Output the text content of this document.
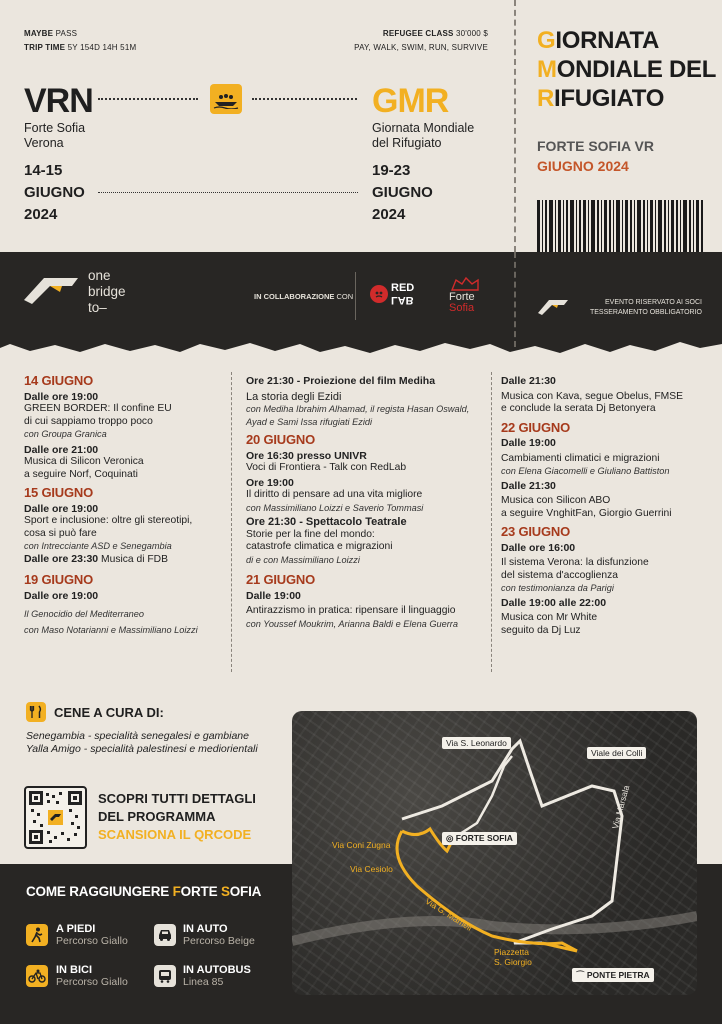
MAYBE PASS
TRIP TIME 5Y 154D 14H 51M
REFUGEE CLASS 30'000 $
PAY, WALK, SWIM, RUN, SURVIVE
VRN
Forte Sofia
Verona
14-15
GIUGNO
2024
GMR
Giornata Mondiale
del Rifugiato
19-23
GIUGNO
2024
GIORNATA
MONDIALE DEL
RIFUGIATO
FORTE SOFIA VR
GIUGNO 2024
one
bridge
to–
IN COLLABORAZIONE CON
RED
LAB	Forte
Sofia	EVENTO RISERVATO AI SOCI
TESSERAMENTO OBBLIGATORIO
14 GIUGNO
Dalle ore 19:00
GREEN BORDER: Il confine EU
di cui sappiamo troppo poco
con Groupa Granica
Dalle ore 21:00
Musica di Silicon Veronica
a seguire Norf, Coquinati
15 GIUGNO
Dalle ore 19:00
Sport e inclusione: oltre gli stereotipi,
cosa si può fare
con Intrecciante ASD e Senegambia
Dalle ore 23:30 Musica di FDB
19 GIUGNO
Dalle ore 19:00
Il Genocidio del Mediterraneo
con Maso Notarianni e Massimiliano Loizzi
Ore 21:30 - Proiezione del film Mediha
La storia degli Ezidi
con Mediha Ibrahim Alhamad, il regista Hasan Oswald,
Ayad e Sami Issa rifugiati Ezidi
20 GIUGNO
Ore 16:30 presso UNIVR
Voci di Frontiera - Talk con RedLab
Ore 19:00
Il diritto di pensare ad una vita migliore
con Massimiliano Loizzi e Saverio Tommasi
Ore 21:30 - Spettacolo Teatrale
Storie per la fine del mondo:
catastrofe climatica e migrazioni
di e con Massimiliano Loizzi
21 GIUGNO
Dalle 19:00
Antirazzismo in pratica: ripensare il linguaggio
con Youssef Moukrim, Arianna Baldi e Elena Guerra
Dalle 21:30
Musica con Kava, segue Obelus, FMSE
e conclude la serata Dj Betonyera
22 GIUGNO
Dalle 19:00
Cambiamenti climatici e migrazioni
con Elena Giacomelli e Giuliano Battiston
Dalle 21:30
Musica con Silicon ABO
a seguire VnghitFan, Giorgio Guerrini
23 GIUGNO
Dalle ore 16:00
Il sistema Verona: la disfunzione
del sistema d'accoglienza
con testimonianza da Parigi
Dalle 19:00 alle 22:00
Musica con Mr White
seguito da Dj Luz
CENE A CURA DI:
Senegambia - specialità senegalesi e gambiane
Yalla Amigo - specialità palestinesi e mediorientali
SCOPRI TUTTI DETTAGLI
DEL PROGRAMMA
SCANSIONA IL QRCODE
COME RAGGIUNGERE FORTE SOFIA
A PIEDI
Percorso Giallo
IN AUTO
Percorso Beige
IN BICI
Percorso Giallo
IN AUTOBUS
Linea 85
Via S. Leonardo
Viale dei Colli
Via Marsala
◎ FORTE SOFIA
Via Coni Zugna
Via Cesiolo
Via G. Mameli
Piazzetta
S. Giorgio
⌒ PONTE PIETRA
